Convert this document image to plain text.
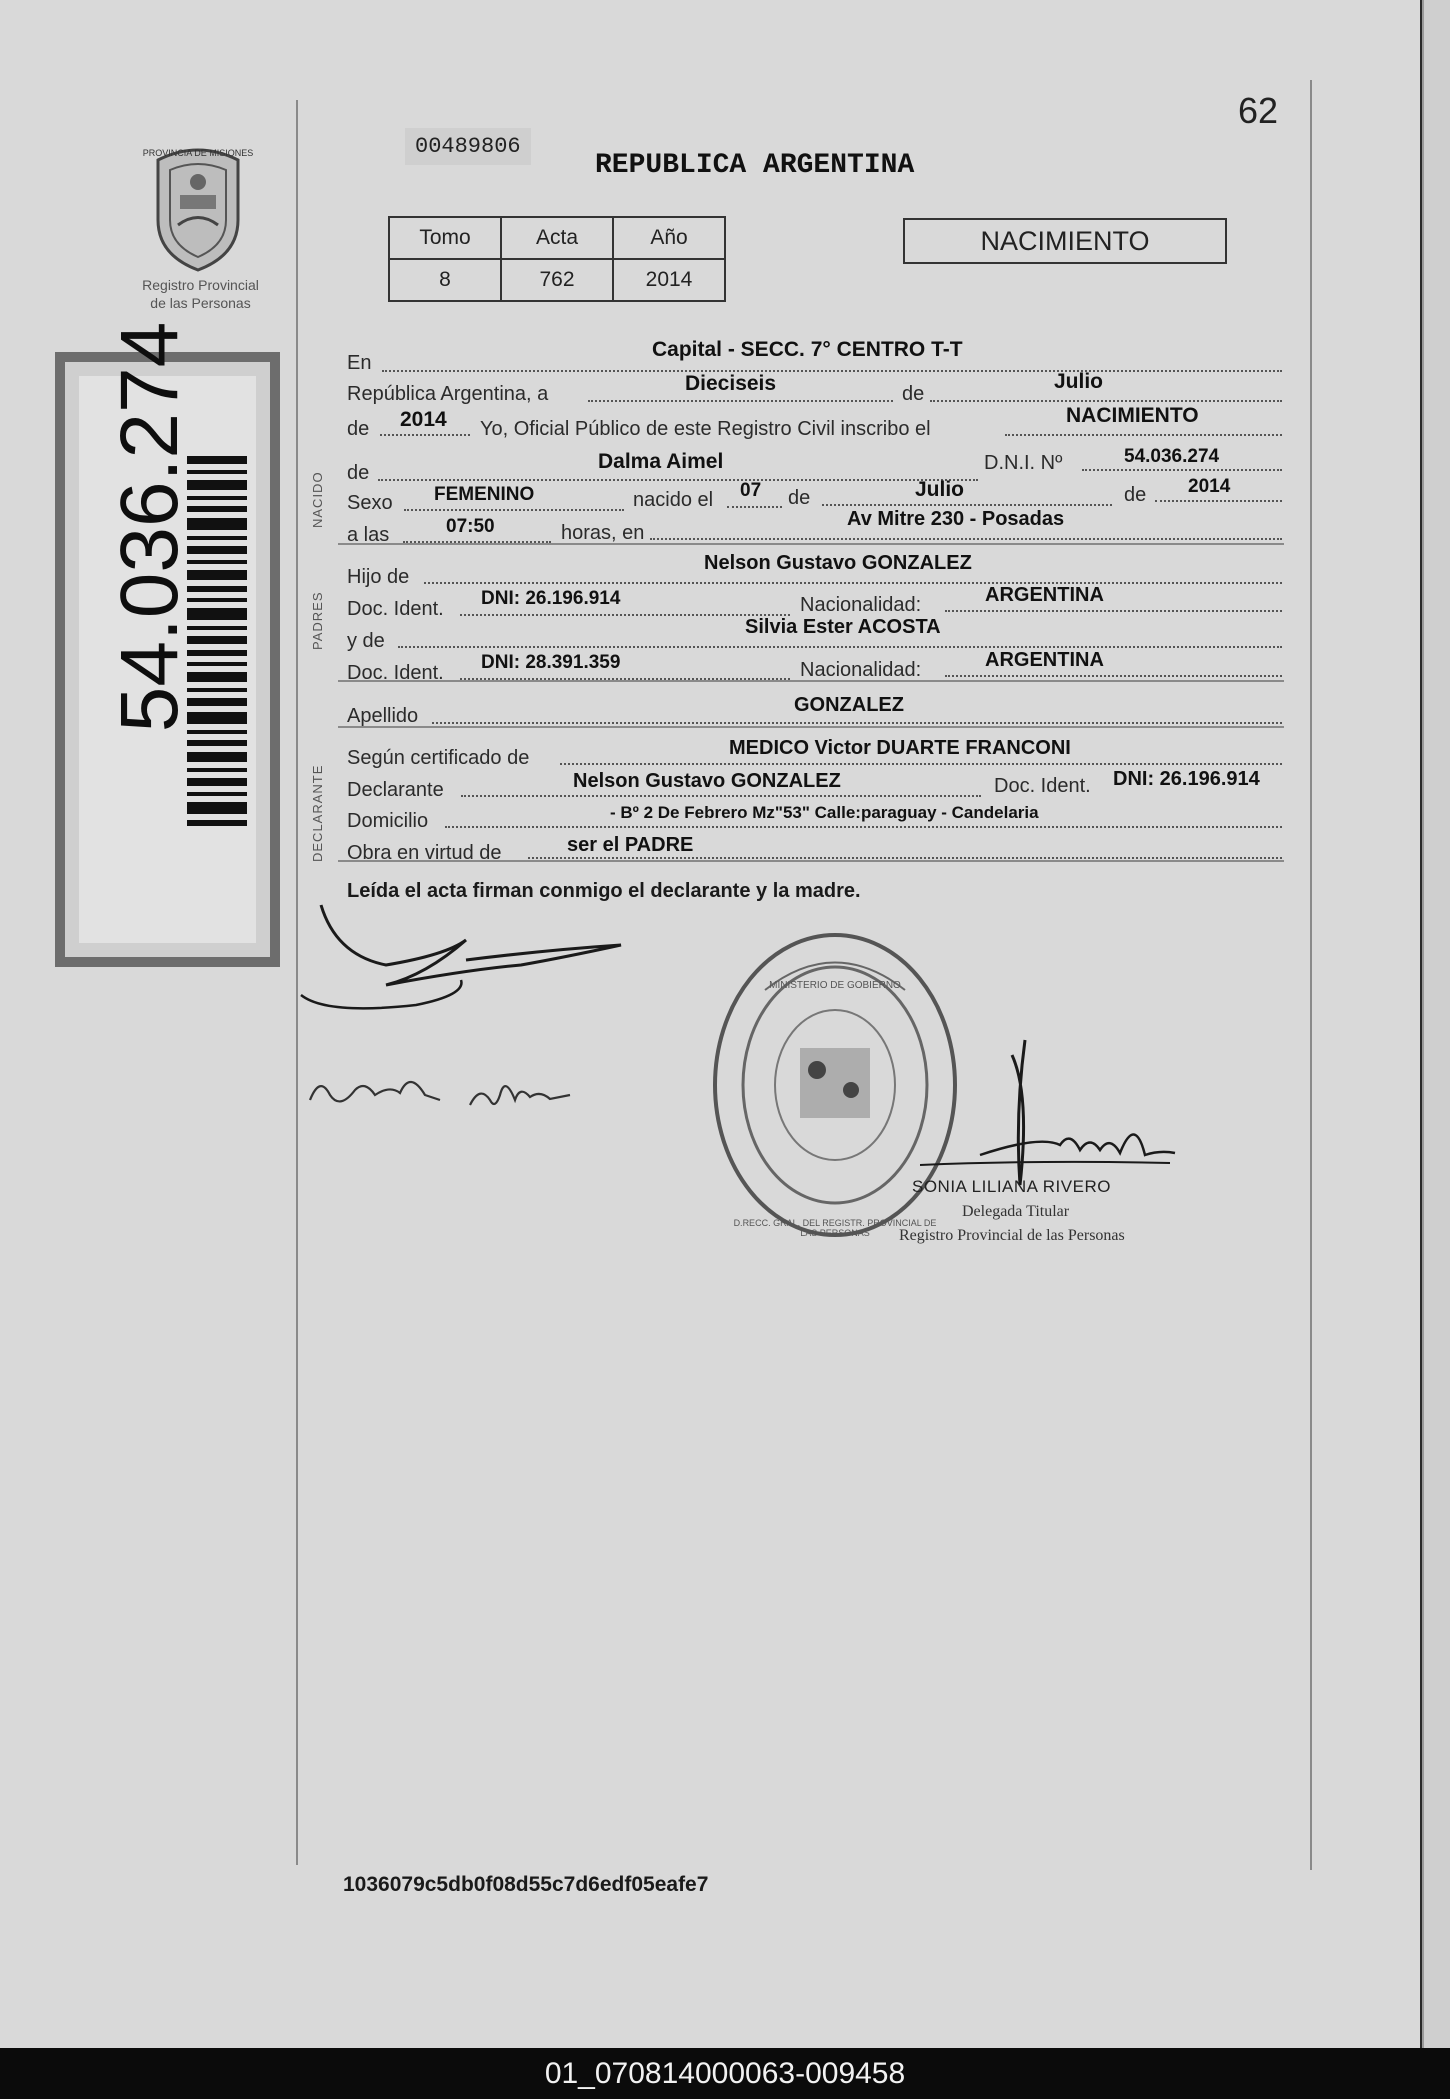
62
PROVINCIA DE MISIONES
Registro Provincial
de las Personas
54.036.274
00489806
REPUBLICA ARGENTINA
Tomo	Acta	Año
8	762	2014
NACIMIENTO
NACIDO
PADRES
DECLARANTE
En
Capital - SECC. 7° CENTRO T-T
República Argentina, a	Dieciseis	de
Julio
de 2014 Yo, Oficial Público de este Registro Civil inscribo el
NACIMIENTO
de	Dalma Aimel	D.N.I. Nº	54.036.274
Sexo FEMENINO	nacido el 07 de	Julio	de 2014
a las	07:50	horas, en
Av Mitre 230 - Posadas
Hijo de
Nelson Gustavo GONZALEZ
Doc. Ident. DNI: 26.196.914	Nacionalidad:	ARGENTINA
y de
Silvia Ester ACOSTA
Doc. Ident. DNI: 28.391.359	Nacionalidad:	ARGENTINA
Apellido	GONZALEZ
Según certificado de	MEDICO Victor DUARTE FRANCONI
Declarante	Nelson Gustavo GONZALEZ	Doc. Ident. DNI: 26.196.914
Domicilio	- Bº 2 De Febrero Mz"53" Calle:paraguay - Candelaria
Obra en virtud de	ser el PADRE
Leída el acta firman conmigo el declarante y la madre.
D.RECC. GRAL. DEL REGISTR. PROVINCIAL DE LAS PERSONAS
MINISTERIO DE GOBIERNO
SONIA LILIANA RIVERO
Delegada Titular
Registro Provincial de las Personas
1036079c5db0f08d55c7d6edf05eafe7
01_070814000063-009458
